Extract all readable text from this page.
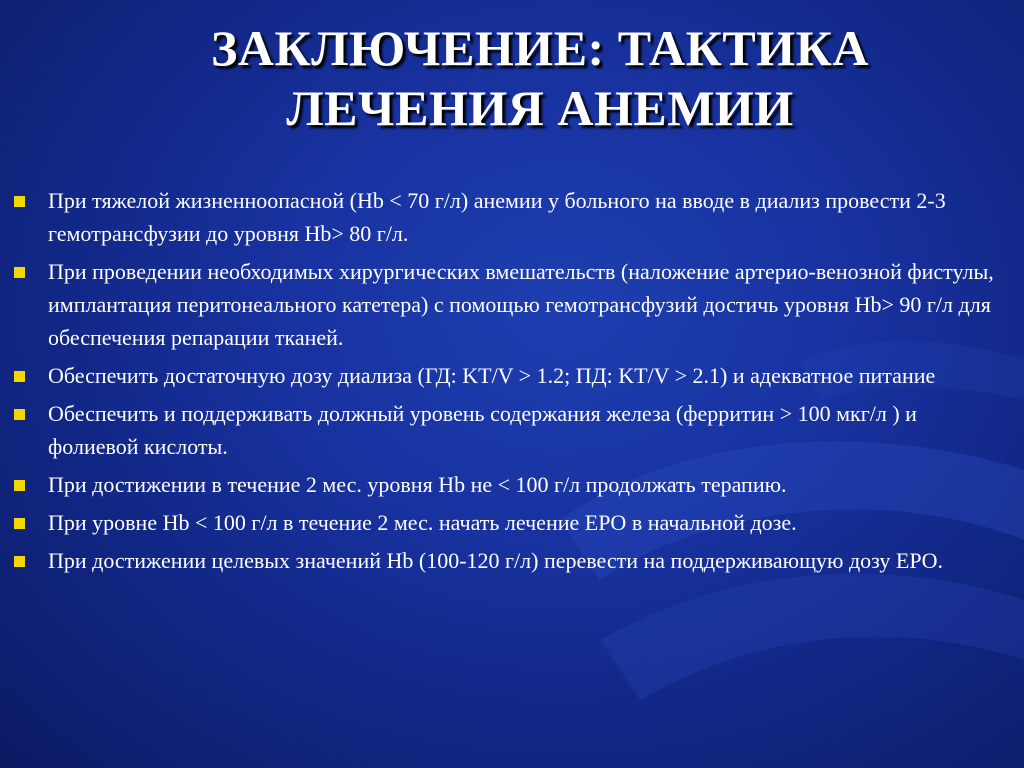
ЗАКЛЮЧЕНИЕ: ТАКТИКА
ЛЕЧЕНИЯ АНЕМИИ
При тяжелой жизненноопасной (Hb < 70 г/л) анемии у больного на вводе в диализ провести 2-3 гемотрансфузии до уровня Hb> 80 г/л.
При проведении необходимых хирургических вмешательств (наложение артерио-венозной фистулы, имплантация перитонеального катетера) с помощью гемотрансфузий достичь уровня Hb> 90 г/л для обеспечения репарации тканей.
Обеспечить достаточную дозу диализа (ГД: KT/V > 1.2; ПД: KT/V > 2.1) и адекватное питание
Обеспечить и поддерживать должный уровень содержания железа (ферритин > 100 мкг/л ) и фолиевой кислоты.
При достижении в течение 2 мес. уровня Hb не < 100 г/л продолжать терапию.
При уровне Hb < 100 г/л в течение 2 мес. начать лечение EPO в начальной дозе.
При достижении целевых значений Hb (100-120 г/л) перевести на поддерживающую дозу EPO.
